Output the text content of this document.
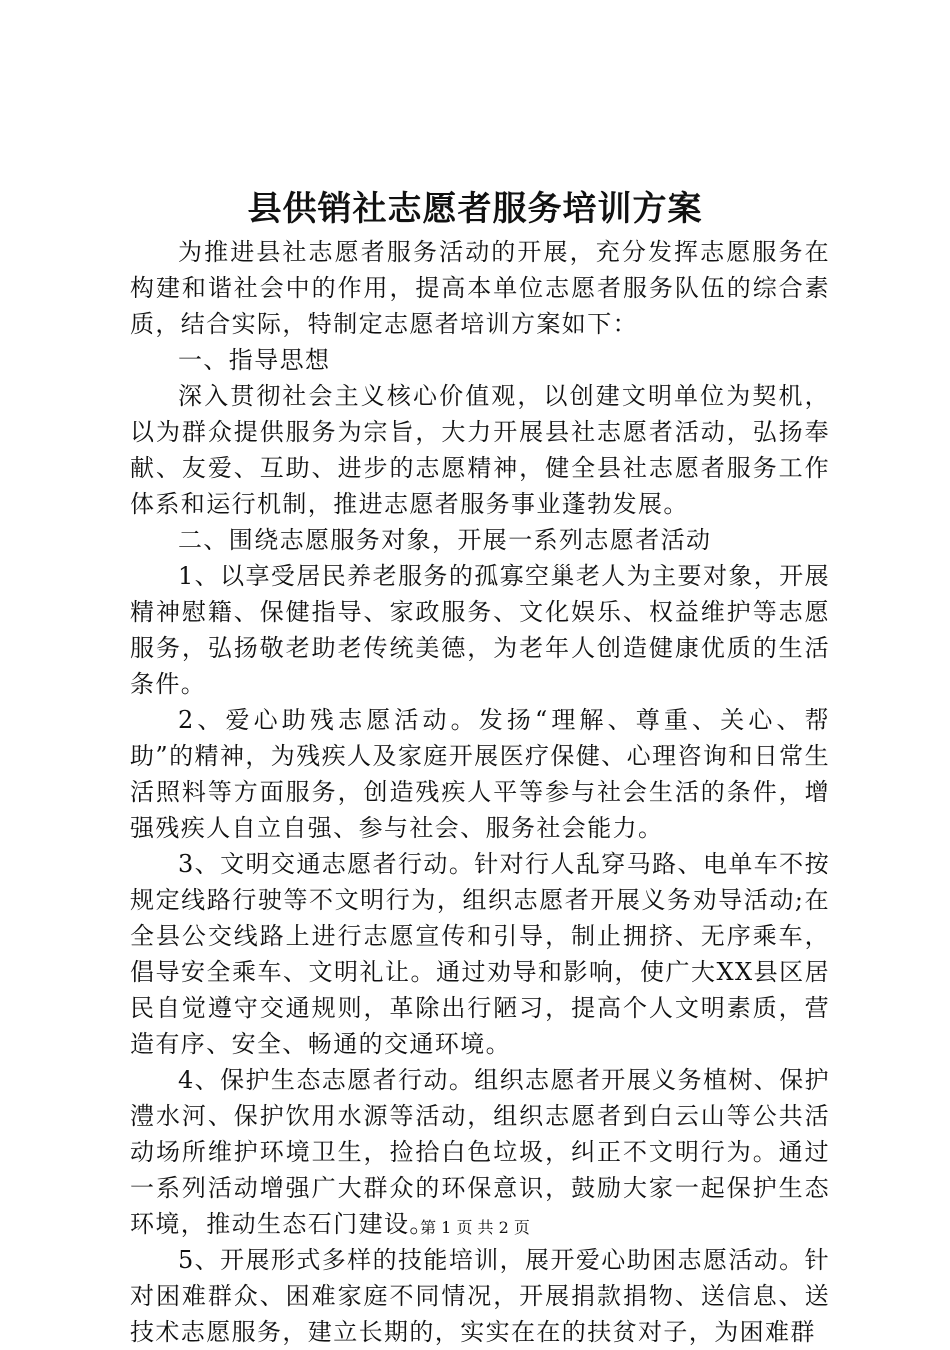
县供销社志愿者服务培训方案

为推进县社志愿者服务活动的开展，充分发挥志愿服务在构建和谐社会中的作用，提高本单位志愿者服务队伍的综合素质，结合实际，特制定志愿者培训方案如下：

一、指导思想

深入贯彻社会主义核心价值观，以创建文明单位为契机，以为群众提供服务为宗旨，大力开展县社志愿者活动，弘扬奉献、友爱、互助、进步的志愿精神，健全县社志愿者服务工作体系和运行机制，推进志愿者服务事业蓬勃发展。

二、围绕志愿服务对象，开展一系列志愿者活动

1、以享受居民养老服务的孤寡空巢老人为主要对象，开展精神慰籍、保健指导、家政服务、文化娱乐、权益维护等志愿服务，弘扬敬老助老传统美德，为老年人创造健康优质的生活条件。

2、爱心助残志愿活动。发扬“理解、尊重、关心、帮助”的精神，为残疾人及家庭开展医疗保健、心理咨询和日常生活照料等方面服务，创造残疾人平等参与社会生活的条件，增强残疾人自立自强、参与社会、服务社会能力。

3、文明交通志愿者行动。针对行人乱穿马路、电单车不按规定线路行驶等不文明行为，组织志愿者开展义务劝导活动;在全县公交线路上进行志愿宣传和引导，制止拥挤、无序乘车，倡导安全乘车、文明礼让。通过劝导和影响，使广大XX县区居民自觉遵守交通规则，革除出行陋习，提高个人文明素质，营造有序、安全、畅通的交通环境。

4、保护生态志愿者行动。组织志愿者开展义务植树、保护澧水河、保护饮用水源等活动，组织志愿者到白云山等公共活动场所维护环境卫生，捡拾白色垃圾，纠正不文明行为。通过一系列活动增强广大群众的环保意识，鼓励大家一起保护生态环境，推动生态石门建设。

5、开展形式多样的技能培训，展开爱心助困志愿活动。针对困难群众、困难家庭不同情况，开展捐款捐物、送信息、送技术志愿服务，建立长期的，实实在在的扶贫对子，为困难群

第 1 页 共 2 页
